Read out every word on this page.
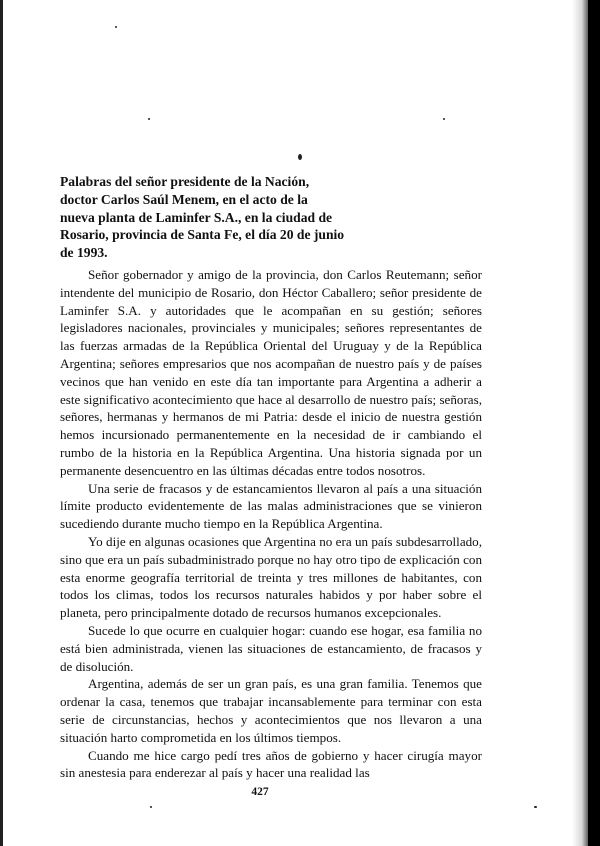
Palabras del señor presidente de la Nación, doctor Carlos Saúl Menem, en el acto de la nueva planta de Laminfer S.A., en la ciudad de Rosario, provincia de Santa Fe, el día 20 de junio de 1993.

Señor gobernador y amigo de la provincia, don Carlos Reutemann; señor intendente del municipio de Rosario, don Héctor Caballero; señor presidente de Laminfer S.A. y autoridades que le acompañan en su gestión; señores legisladores nacionales, provinciales y municipales; señores representantes de las fuerzas armadas de la República Oriental del Uruguay y de la República Argentina; señores empresarios que nos acompañan de nuestro país y de países vecinos que han venido en este día tan importante para Argentina a adherir a este significativo acontecimiento que hace al desarrollo de nuestro país; señoras, señores, hermanas y hermanos de mi Patria: desde el inicio de nuestra gestión hemos incursionado permanentemente en la necesidad de ir cambiando el rumbo de la historia en la República Argentina. Una historia signada por un permanente desencuentro en las últimas décadas entre todos nosotros.

Una serie de fracasos y de estancamientos llevaron al país a una situación límite producto evidentemente de las malas administraciones que se vinieron sucediendo durante mucho tiempo en la República Argentina.

Yo dije en algunas ocasiones que Argentina no era un país subdesarrollado, sino que era un país subadministrado porque no hay otro tipo de explicación con esta enorme geografía territorial de treinta y tres millones de habitantes, con todos los climas, todos los recursos naturales habidos y por haber sobre el planeta, pero principalmente dotado de recursos humanos excepcionales.

Sucede lo que ocurre en cualquier hogar: cuando ese hogar, esa familia no está bien administrada, vienen las situaciones de estancamiento, de fracasos y de disolución.

Argentina, además de ser un gran país, es una gran familia. Tenemos que ordenar la casa, tenemos que trabajar incansablemente para terminar con esta serie de circunstancias, hechos y acontecimientos que nos llevaron a una situación harto comprometida en los últimos tiempos.

Cuando me hice cargo pedí tres años de gobierno y hacer cirugía mayor sin anestesia para enderezar al país y hacer una realidad las

427
